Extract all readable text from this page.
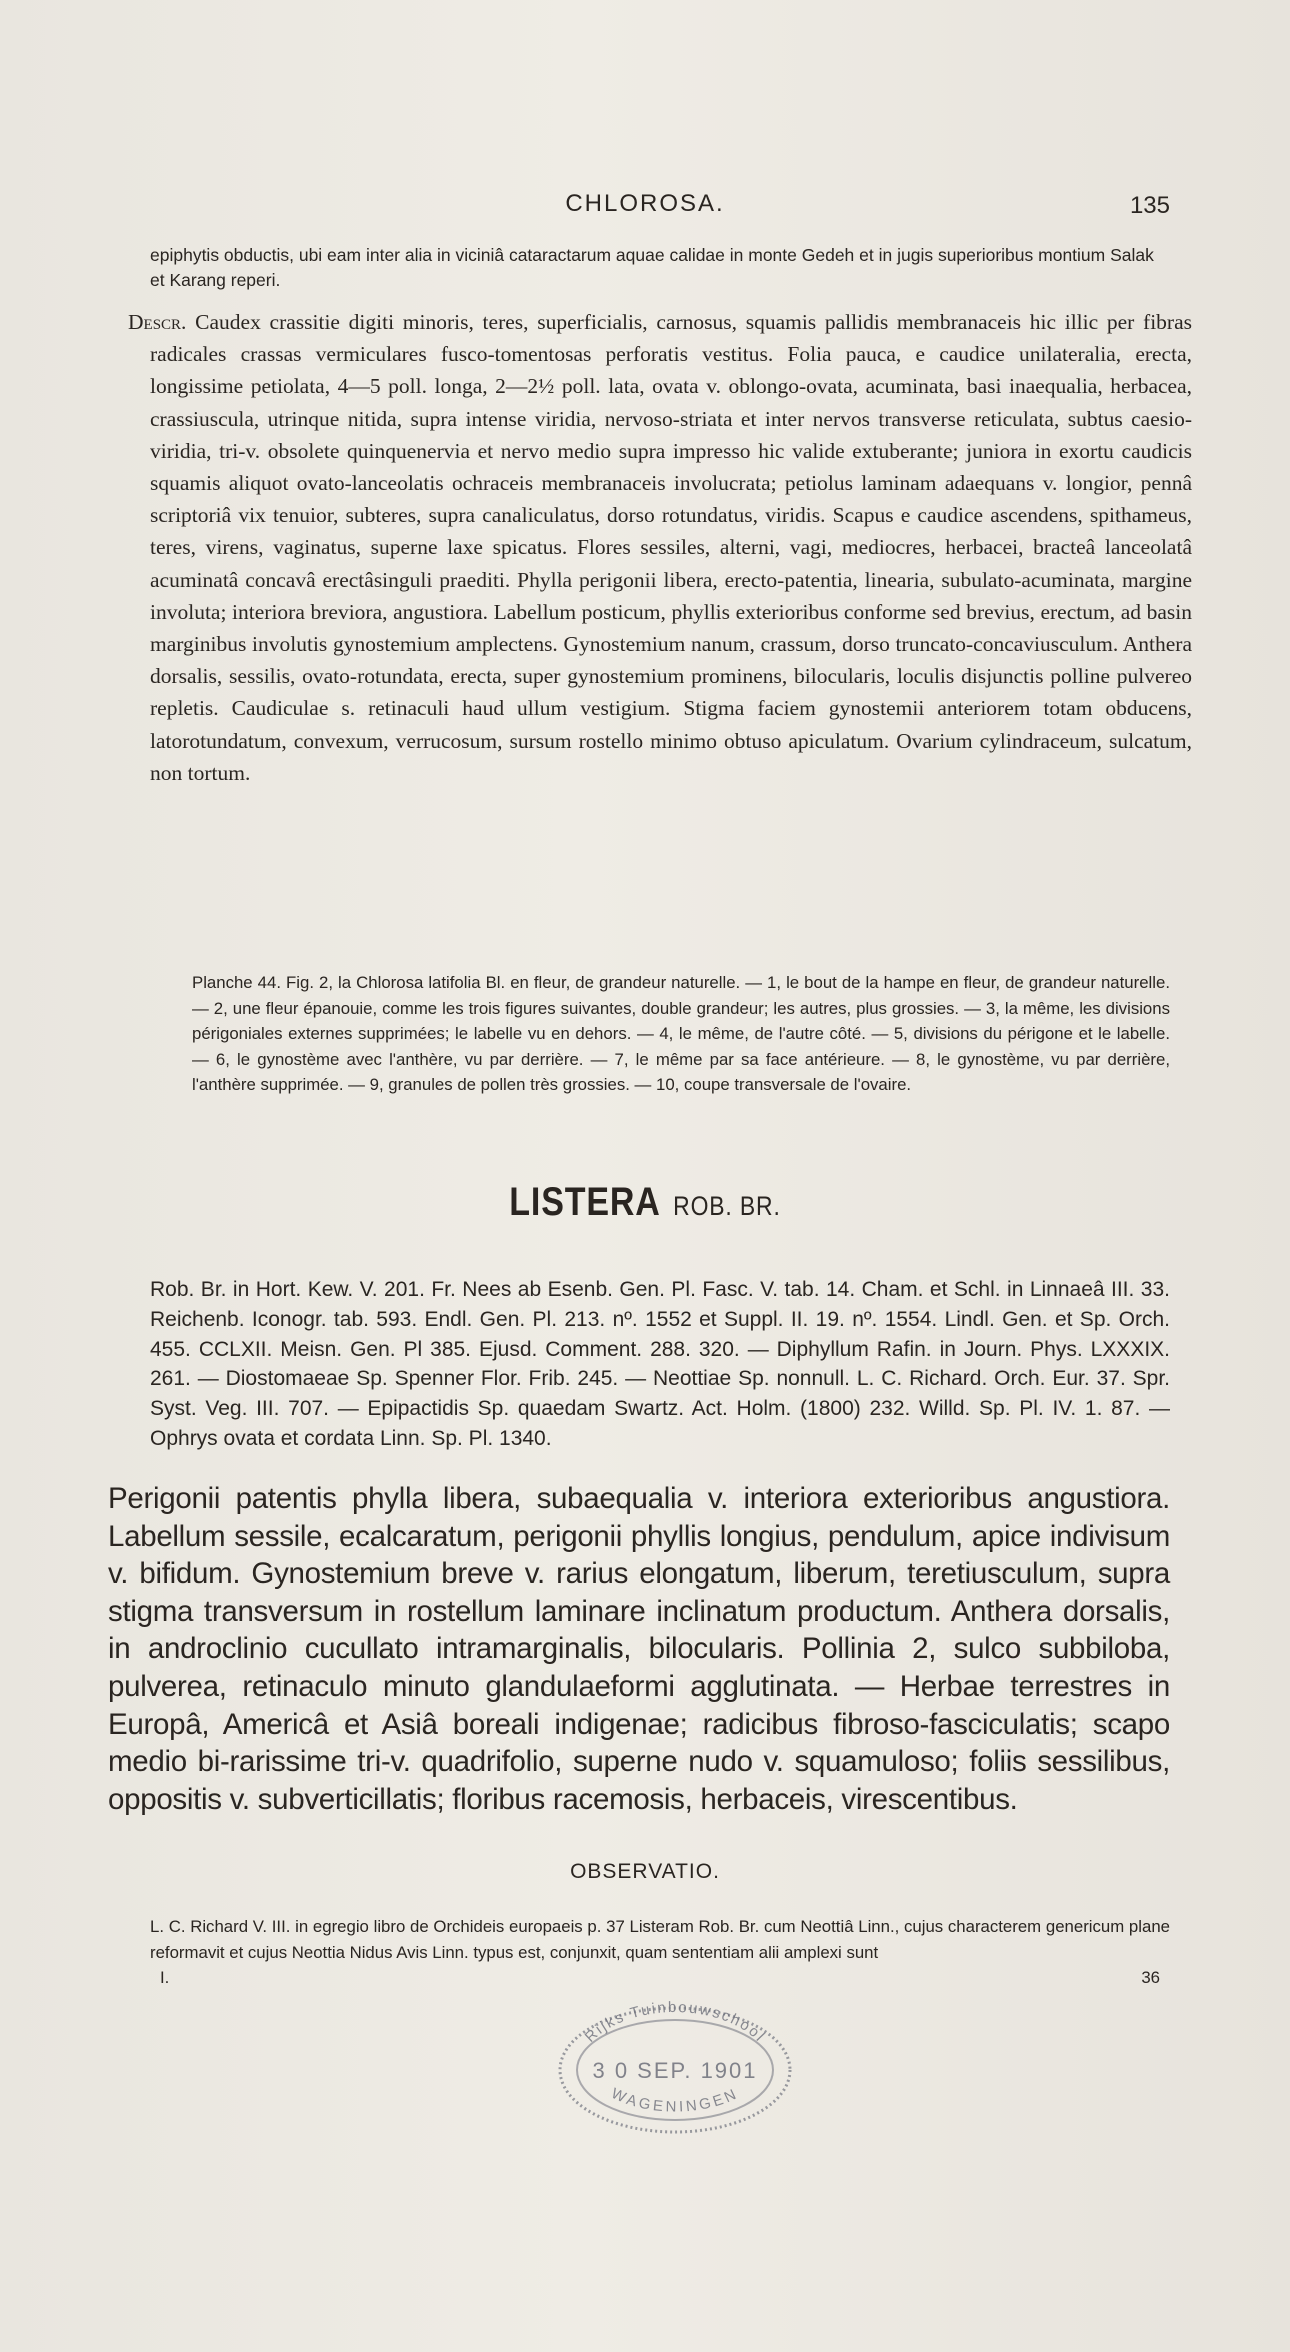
CHLOROSA.	135

epiphytis obductis, ubi eam inter alia in viciniâ cataractarum aquae calidae in monte Gedeh et in jugis superioribus montium Salak et Karang reperi.

Descr. Caudex crassitie digiti minoris, teres, superficialis, carnosus, squamis pallidis membranaceis hic illic per fibras radicales crassas vermiculares fusco-tomentosas perforatis vestitus. Folia pauca, e caudice unilateralia, erecta, longissime petiolata, 4—5 poll. longa, 2—2½ poll. lata, ovata v. oblongo-ovata, acuminata, basi inaequalia, herbacea, crassiuscula, utrinque nitida, supra intense viridia, nervoso-striata et inter nervos transverse reticulata, subtus caesio-viridia, tri-v. obsolete quinquenervia et nervo medio supra impresso hic valide extuberante; juniora in exortu caudicis squamis aliquot ovato-lanceolatis ochraceis membranaceis involucrata; petiolus laminam adaequans v. longior, pennâ scriptoriâ vix tenuior, subteres, supra canaliculatus, dorso rotundatus, viridis. Scapus e caudice ascendens, spithameus, teres, virens, vaginatus, superne laxe spicatus. Flores sessiles, alterni, vagi, mediocres, herbacei, bracteâ lanceolatâ acuminatâ concavâ erectâsinguli praediti. Phylla perigonii libera, erecto-patentia, linearia, subulato-acuminata, margine involuta; interiora breviora, angustiora. Labellum posticum, phyllis exterioribus conforme sed brevius, erectum, ad basin marginibus involutis gynostemium amplectens. Gynostemium nanum, crassum, dorso truncato-concaviusculum. Anthera dorsalis, sessilis, ovato-rotundata, erecta, super gynostemium prominens, bilocularis, loculis disjunctis polline pulvereo repletis. Caudiculae s. retinaculi haud ullum vestigium. Stigma faciem gynostemii anteriorem totam obducens, latorotundatum, convexum, verrucosum, sursum rostello minimo obtuso apiculatum. Ovarium cylindraceum, sulcatum, non tortum.

Planche 44. Fig. 2, la Chlorosa latifolia Bl. en fleur, de grandeur naturelle. — 1, le bout de la hampe en fleur, de grandeur naturelle. — 2, une fleur épanouie, comme les trois figures suivantes, double grandeur; les autres, plus grossies. — 3, la même, les divisions périgoniales externes supprimées; le labelle vu en dehors. — 4, le même, de l'autre côté. — 5, divisions du périgone et le labelle. — 6, le gynostème avec l'anthère, vu par derrière. — 7, le même par sa face antérieure. — 8, le gynostème, vu par derrière, l'anthère supprimée. — 9, granules de pollen très grossies. — 10, coupe transversale de l'ovaire.

LISTERA ROB. BR.

Rob. Br. in Hort. Kew. V. 201. Fr. Nees ab Esenb. Gen. Pl. Fasc. V. tab. 14. Cham. et Schl. in Linnaeâ III. 33. Reichenb. Iconogr. tab. 593. Endl. Gen. Pl. 213. nº. 1552 et Suppl. II. 19. nº. 1554. Lindl. Gen. et Sp. Orch. 455. CCLXII. Meisn. Gen. Pl 385. Ejusd. Comment. 288. 320. — Diphyllum Rafin. in Journ. Phys. LXXXIX. 261. — Diostomaeae Sp. Spenner Flor. Frib. 245. — Neottiae Sp. nonnull. L. C. Richard. Orch. Eur. 37. Spr. Syst. Veg. III. 707. — Epipactidis Sp. quaedam Swartz. Act. Holm. (1800) 232. Willd. Sp. Pl. IV. 1. 87. — Ophrys ovata et cordata Linn. Sp. Pl. 1340.

Perigonii patentis phylla libera, subaequalia v. interiora exterioribus angustiora. Labellum sessile, ecalcaratum, perigonii phyllis longius, pendulum, apice indivisum v. bifidum. Gynostemium breve v. rarius elongatum, liberum, teretiusculum, supra stigma transversum in rostellum laminare inclinatum productum. Anthera dorsalis, in androclinio cucullato intramarginalis, bilocularis. Pollinia 2, sulco subbiloba, pulverea, retinaculo minuto glandulaeformi agglutinata. — Herbae terrestres in Europâ, Americâ et Asiâ boreali indigenae; radicibus fibroso-fasciculatis; scapo medio bi-rarissime tri-v. quadrifolio, superne nudo v. squamuloso; foliis sessilibus, oppositis v. subverticillatis; floribus racemosis, herbaceis, virescentibus.

OBSERVATIO.

L. C. Richard V. III. in egregio libro de Orchideis europaeis p. 37 Listeram Rob. Br. cum Neottiâ Linn., cujus characterem genericum plane reformavit et cujus Neottia Nidus Avis Linn. typus est, conjunxit, quam sententiam alii amplexi sunt

I.	36
Rijks Tuinbouwschool
3 0 SEP. 1901
WAGENINGEN
